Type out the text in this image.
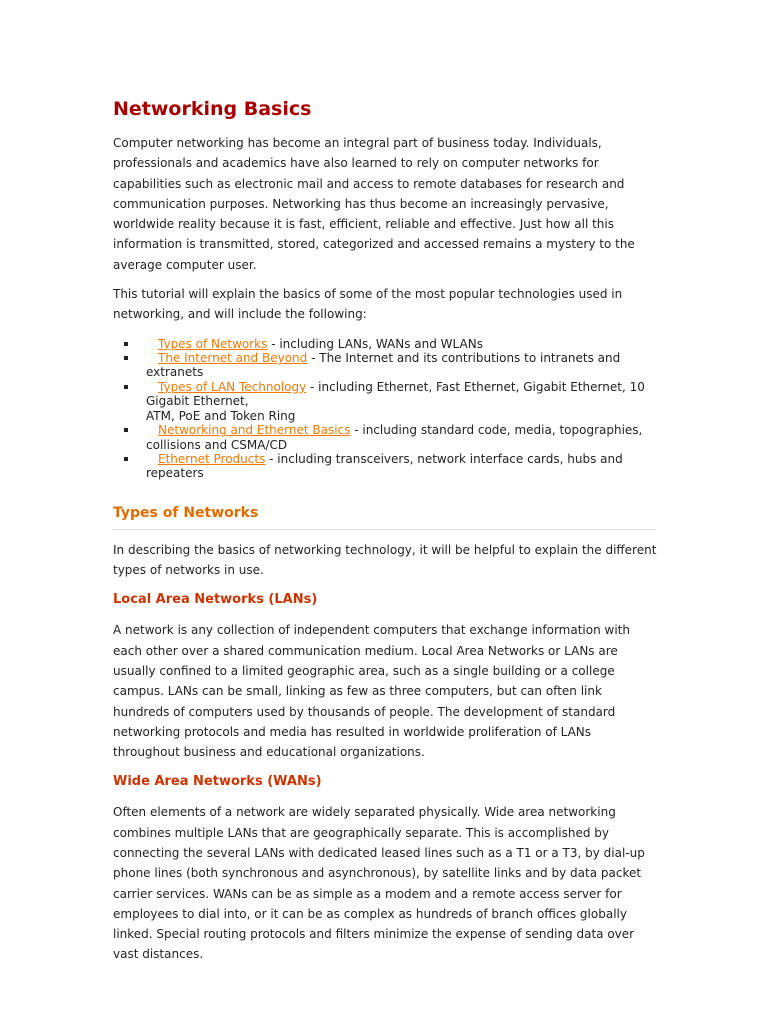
Networking Basics

Computer networking has become an integral part of business today. Individuals, professionals and academics have also learned to rely on computer networks for capabilities such as electronic mail and access to remote databases for research and communication purposes. Networking has thus become an increasingly pervasive, worldwide reality because it is fast, efficient, reliable and effective. Just how all this information is transmitted, stored, categorized and accessed remains a mystery to the average computer user.

This tutorial will explain the basics of some of the most popular technologies used in networking, and will include the following:

Types of Networks - including LANs, WANs and WLANs
The Internet and Beyond - The Internet and its contributions to intranets and
extranets
Types of LAN Technology - including Ethernet, Fast Ethernet, Gigabit Ethernet, 10
Gigabit Ethernet,
ATM, PoE and Token Ring
Networking and Ethernet Basics - including standard code, media, topographies,
collisions and CSMA/CD
Ethernet Products - including transceivers, network interface cards, hubs and
repeaters
Types of Networks

In describing the basics of networking technology, it will be helpful to explain the different types of networks in use.

Local Area Networks (LANs)

A network is any collection of independent computers that exchange information with each other over a shared communication medium. Local Area Networks or LANs are usually confined to a limited geographic area, such as a single building or a college campus. LANs can be small, linking as few as three computers, but can often link hundreds of computers used by thousands of people. The development of standard networking protocols and media has resulted in worldwide proliferation of LANs throughout business and educational organizations.

Wide Area Networks (WANs)

Often elements of a network are widely separated physically. Wide area networking combines multiple LANs that are geographically separate. This is accomplished by connecting the several LANs with dedicated leased lines such as a T1 or a T3, by dial-up phone lines (both synchronous and asynchronous), by satellite links and by data packet carrier services. WANs can be as simple as a modem and a remote access server for employees to dial into, or it can be as complex as hundreds of branch offices globally linked. Special routing protocols and filters minimize the expense of sending data over vast distances.
